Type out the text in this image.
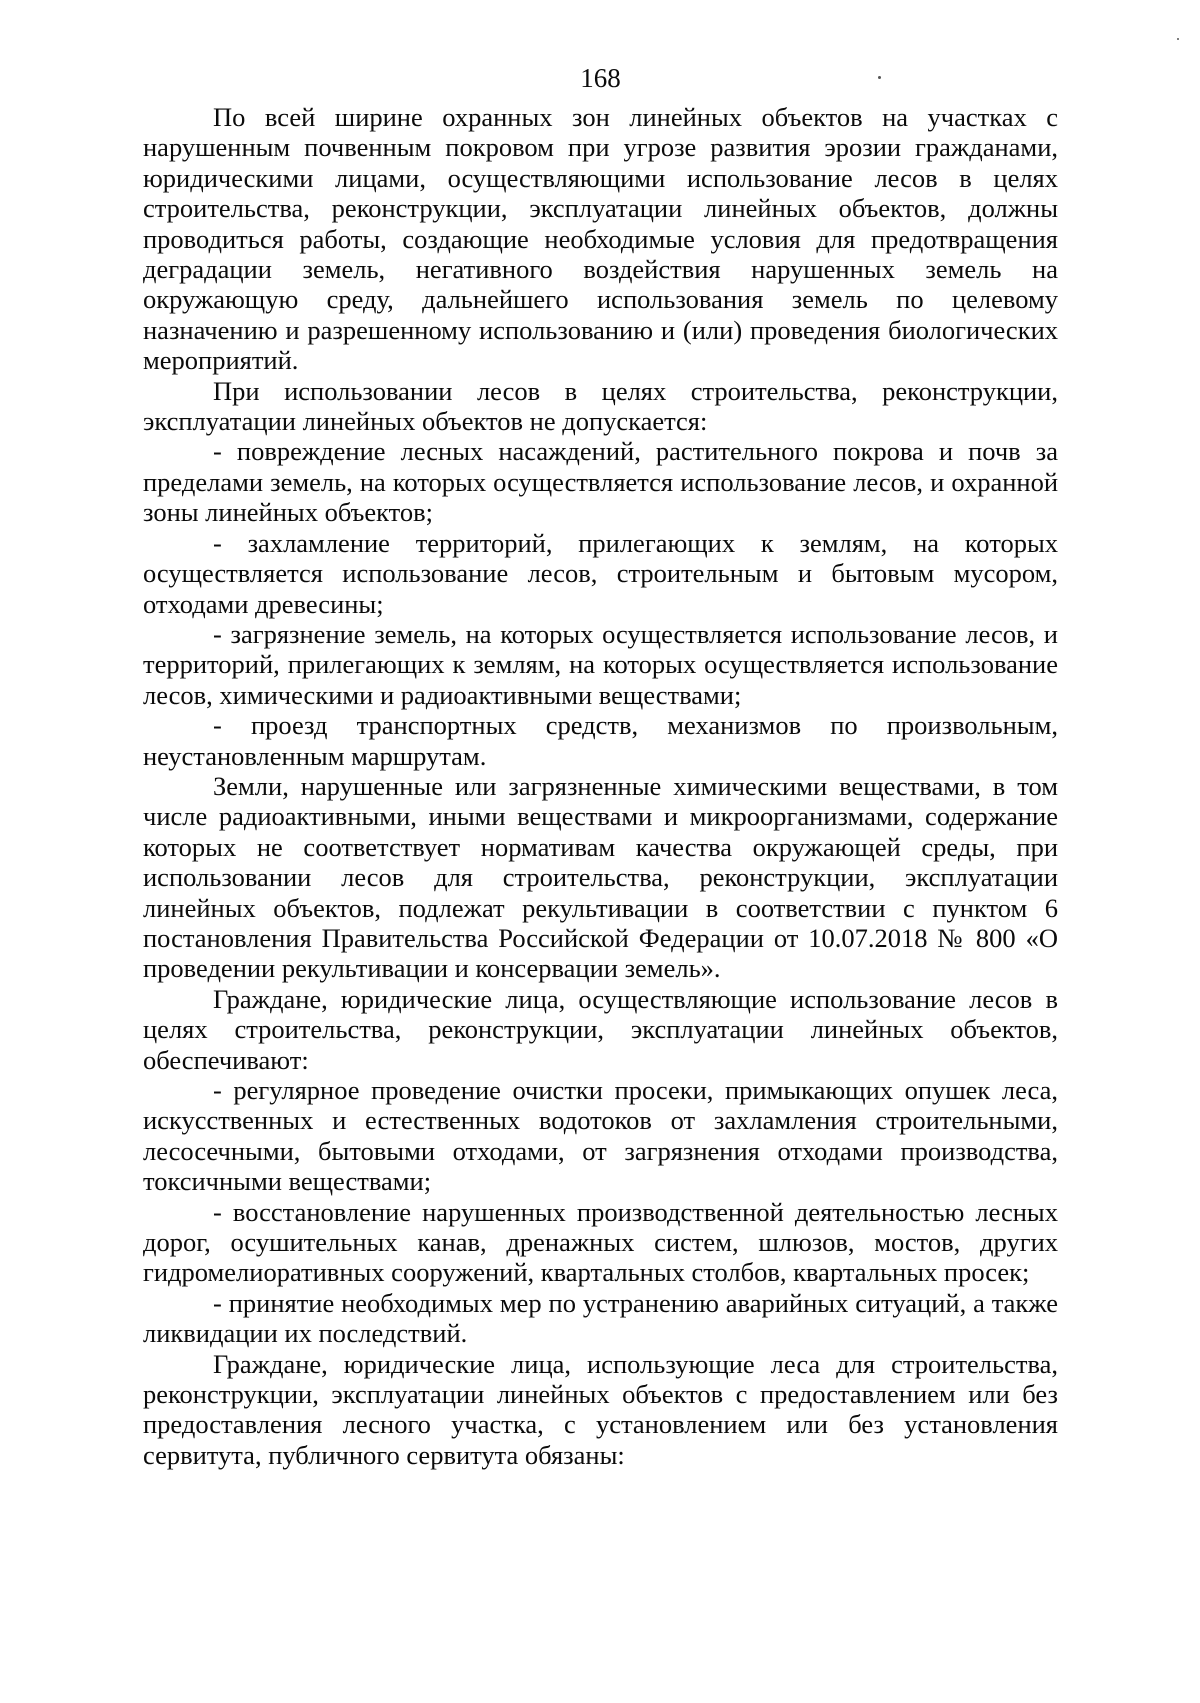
168

По всей ширине охранных зон линейных объектов на участках с нарушенным почвенным покровом при угрозе развития эрозии гражданами, юридическими лицами, осуществляющими использование лесов в целях строительства, реконструкции, эксплуатации линейных объектов, должны проводиться работы, создающие необходимые условия для предотвращения деградации земель, негативного воздействия нарушенных земель на окружающую среду, дальнейшего использования земель по целевому назначению и разрешенному использованию и (или) проведения биологических мероприятий.

При использовании лесов в целях строительства, реконструкции, эксплуатации линейных объектов не допускается:

- повреждение лесных насаждений, растительного покрова и почв за пределами земель, на которых осуществляется использование лесов, и охранной зоны линейных объектов;

- захламление территорий, прилегающих к землям, на которых осуществляется использование лесов, строительным и бытовым мусором, отходами древесины;

- загрязнение земель, на которых осуществляется использование лесов, и территорий, прилегающих к землям, на которых осуществляется использование лесов, химическими и радиоактивными веществами;

- проезд транспортных средств, механизмов по произвольным, неустановленным маршрутам.

Земли, нарушенные или загрязненные химическими веществами, в том числе радиоактивными, иными веществами и микроорганизмами, содержание которых не соответствует нормативам качества окружающей среды, при использовании лесов для строительства, реконструкции, эксплуатации линейных объектов, подлежат рекультивации в соответствии с пунктом 6 постановления Правительства Российской Федерации от 10.07.2018 № 800 «О проведении рекультивации и консервации земель».

Граждане, юридические лица, осуществляющие использование лесов в целях строительства, реконструкции, эксплуатации линейных объектов, обеспечивают:

- регулярное проведение очистки просеки, примыкающих опушек леса, искусственных и естественных водотоков от захламления строительными, лесосечными, бытовыми отходами, от загрязнения отходами производства, токсичными веществами;

- восстановление нарушенных производственной деятельностью лесных дорог, осушительных канав, дренажных систем, шлюзов, мостов, других гидромелиоративных сооружений, квартальных столбов, квартальных просек;

- принятие необходимых мер по устранению аварийных ситуаций, а также ликвидации их последствий.

Граждане, юридические лица, использующие леса для строительства, реконструкции, эксплуатации линейных объектов с предоставлением или без предоставления лесного участка, с установлением или без установления сервитута, публичного сервитута обязаны:
